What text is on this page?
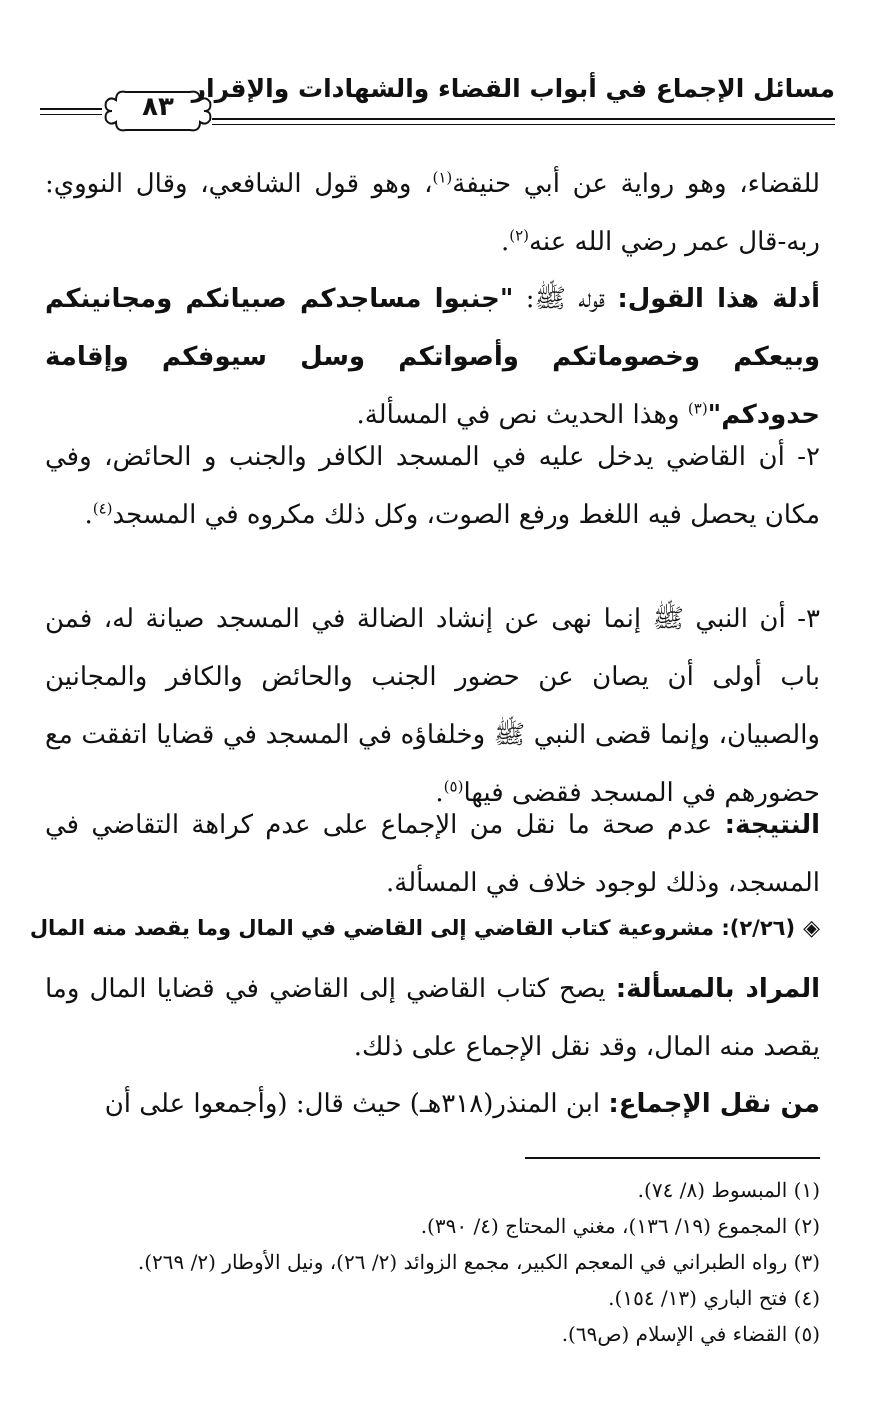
مسائل الإجماع في أبواب القضاء والشهادات والإقرار
٨٣
للقضاء، وهو رواية عن أبي حنيفة$^{(١)}$، وهو قول الشافعي، وقال النووي: ربه-قال عمر رضي الله عنه$^{(٢)}$.
أدلة هذا القول: قوله ﷺ: "جنبوا مساجدكم صبيانكم ومجانينكم وبيعكم وخصوماتكم وأصواتكم وسل سيوفكم وإقامة حدودكم"$^{(٣)}$ وهذا الحديث نص في المسألة.
٢- أن القاضي يدخل عليه في المسجد الكافر والجنب و الحائض، وفي مكان يحصل فيه اللغط ورفع الصوت، وكل ذلك مكروه في المسجد$^{(٤)}$.
٣- أن النبي ﷺ إنما نهى عن إنشاد الضالة في المسجد صيانة له، فمن باب أولى أن يصان عن حضور الجنب والحائض والكافر والمجانين والصبيان، وإنما قضى النبي ﷺ وخلفاؤه في المسجد في قضايا اتفقت مع حضورهم في المسجد فقضى فيها$^{(٥)}$.
النتيجة: عدم صحة ما نقل من الإجماع على عدم كراهة التقاضي في المسجد، وذلك لوجود خلاف في المسألة.
◈(٢/٢٦): مشروعية كتاب القاضي إلى القاضي في المال وما يقصد منه المال
المراد بالمسألة: يصح كتاب القاضي إلى القاضي في قضايا المال وما يقصد منه المال، وقد نقل الإجماع على ذلك.
من نقل الإجماع: ابن المنذر(٣١٨هـ) حيث قال: (وأجمعوا على أن
(١) المبسوط (٨/ ٧٤).
(٢) المجموع (١٩/ ١٣٦)، مغني المحتاج (٤/ ٣٩٠).
(٣) رواه الطبراني في المعجم الكبير، مجمع الزوائد (٢/ ٢٦)، ونيل الأوطار (٢/ ٢٦٩).
(٤) فتح الباري (١٣/ ١٥٤).
(٥) القضاء في الإسلام (ص٦٩).
